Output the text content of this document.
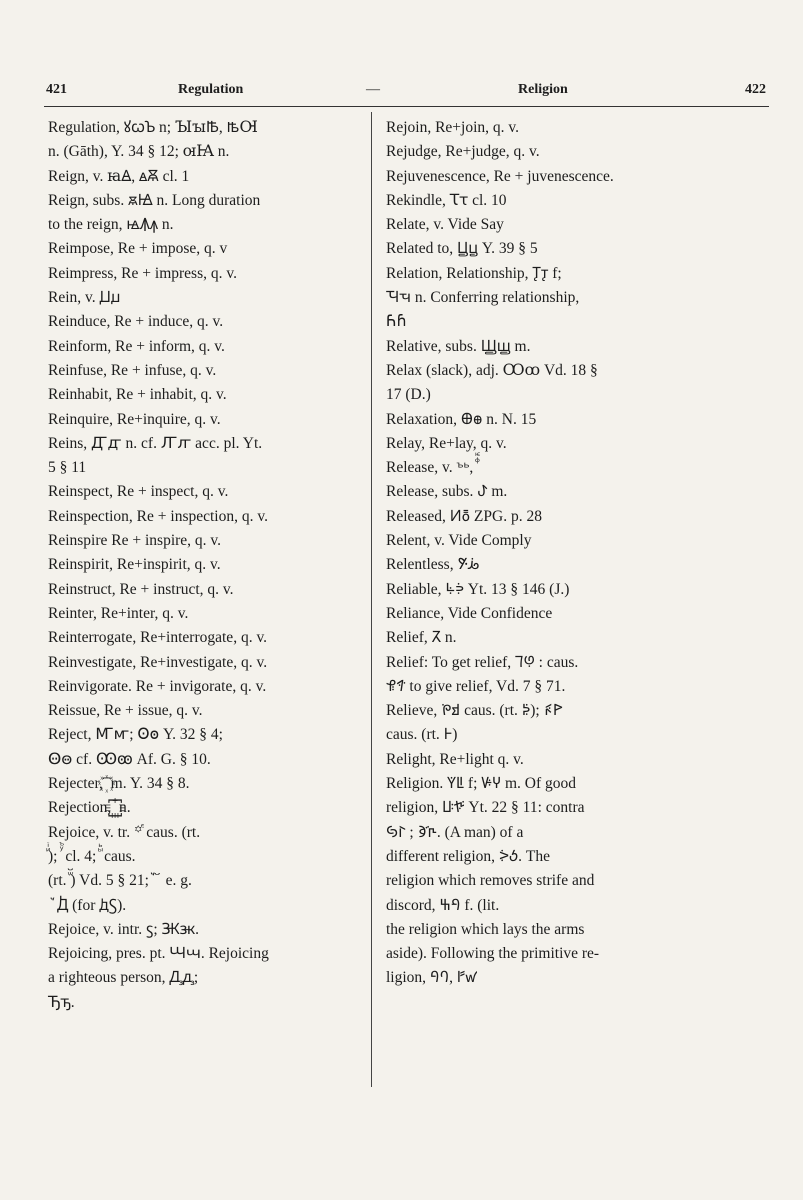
421	Regulation	—	Religion	422

Regulation, ꙋꙍꙎ n; ꙐꙑꙒ, ꙓꙔ

n. (Gāth), Y. 34 § 12; ꙕꙖ n.

Reign, v. ꙗꙘ, ꙙꙚ cl. 1

Reign, subs. ꙛꙜ n. Long duration

to the reign, ꙝꙞꙟ n.

Reimpose, Re + impose, q. v

Reimpress, Re + impress, q. v.

Rein, v. Ꙡꙡ

Reinduce, Re + induce, q. v.

Reinform, Re + inform, q. v.

Reinfuse, Re + infuse, q. v.

Reinhabit, Re + inhabit, q. v.

Reinquire, Re+inquire, q. v.

Reins, Ꙣꙣ n. cf. Ꙥꙥ acc. pl. Yt.

5 § 11

Reinspect, Re + inspect, q. v.

Reinspection, Re + inspection, q. v.

Reinspire Re + inspire, q. v.

Reinspirit, Re+inspirit, q. v.

Reinstruct, Re + instruct, q. v.

Reinter, Re+inter, q. v.

Reinterrogate, Re+interrogate, q. v.

Reinvestigate, Re+investigate, q. v.

Reinvigorate. Re + invigorate, q. v.

Reissue, Re + issue, q. v.

Reject, Ꙧꙧ; Ꙩꙩ Y. 32 § 4;

Ꙫꙫ cf. Ꙭꙭ Af. G. § 10.

Rejecter, ꙯꙰ m. Y. 34 § 8.

Rejection, ꙱꙲ n.

Rejoice, v. tr. ꙳ꙴ caus. (rt.

ꙵꙶ); ꙷꙸ cl. 4; ꙹꙺ caus.

(rt. ꙻ꙼) Vd. 5 § 21; ꙽꙾ e. g.

ꙿꚀ (for ꚁꚂ).

Rejoice, v. intr. ꚃ; Ꚅꚅ.

Rejoicing, pres. pt. Ꚇꚇ. Rejoicing

a righteous person, Ꚉꚉ;

Ꚋꚋ.

Rejoin, Re+join, q. v.

Rejudge, Re+judge, q. v.

Rejuvenescence, Re + juvenescence.

Rekindle, Ꚍꚍ cl. 10

Relate, v. Vide Say

Related to, Ꚏꚏ Y. 39 § 5

Relation, Relationship, Ꚑꚑ f;

Ꚓꚓ n. Conferring relationship,

Ꚕꚕ

Relative, subs. Ꚗꚗ m.

Relax (slack), adj. Ꚙꚙ Vd. 18 §

17 (D.)

Relaxation, Ꚛꚛ n. N. 15

Relay, Re+lay, q. v.

Release, v. ꚜꚝ, ꚞꚟ

Release, subs. ꚠ m.

Released, ꚡꚢ ZPG. p. 28

Relent, v. Vide Comply

Relentless, ꚣꚤ

Reliable, ꚥꚦ Yt. 13 § 146 (J.)

Reliance, Vide Confidence

Relief, ꚧ n.

Relief: To get relief, ꚨꚩ : caus.

ꚪꚫ to give relief, Vd. 7 § 71.

Relieve, ꚬꚭ caus. (rt. ꚮ); ꚯꚰ

caus. (rt. ꚱ)

Relight, Re+light q. v.

Religion. ꚲꚳ f; ꚴꚵ m. Of good

religion, ꚶꚷ Yt. 22 § 11: contra

ꚸꚹ ; ꚺꚻ. (A man) of a

different religion, ꚼꚽ. The

religion which removes strife and

discord, ꚾꚿ f. (lit.

the religion which lays the arms

aside). Following the primitive re-

ligion, ꛀꛁ, ꛂꛃ
